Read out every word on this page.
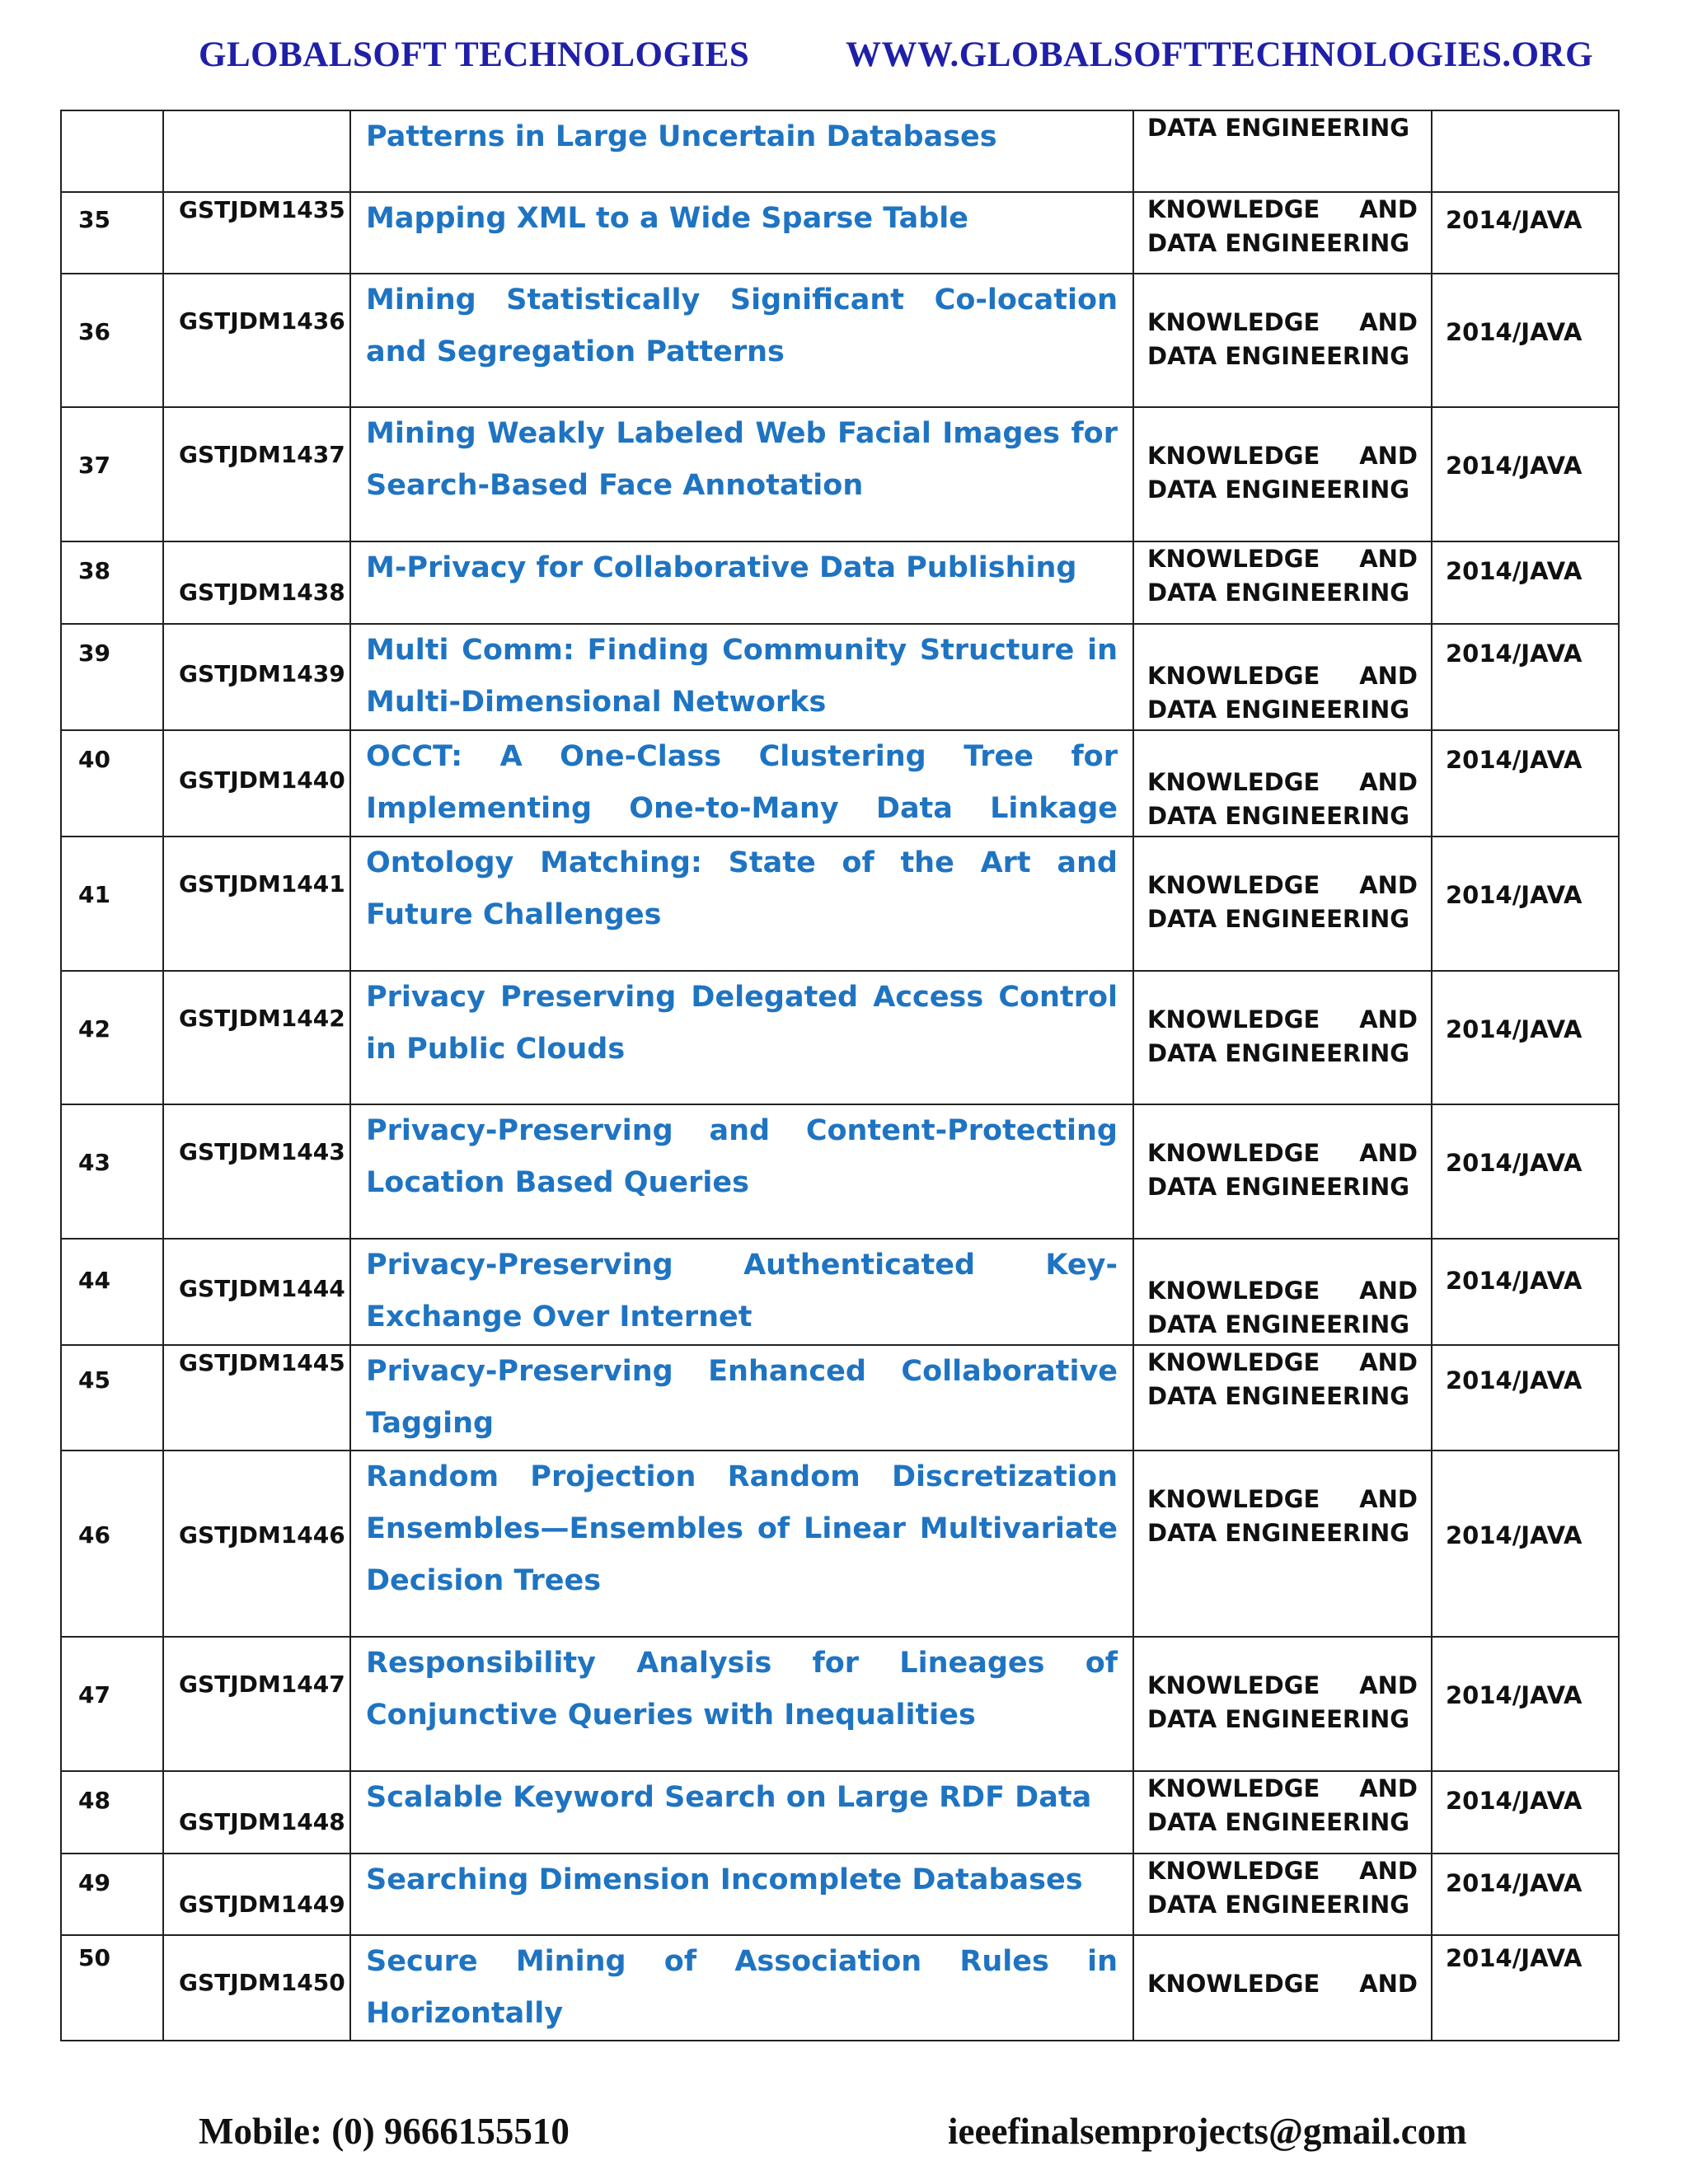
GLOBALSOFT TECHNOLOGIES	WWW.GLOBALSOFTTECHNOLOGIES.ORG

		Patterns in Large Uncertain Databases	DATA ENGINEERING	

35	GSTJDM1435	Mapping XML to a Wide Sparse Table	KNOWLEDGE AND
DATA ENGINEERING	2014/JAVA

36	GSTJDM1436	Mining Statistically Significant Co-location and Segregation Patterns	KNOWLEDGE AND
DATA ENGINEERING	2014/JAVA

37	GSTJDM1437	Mining Weakly Labeled Web Facial Images for Search-Based Face Annotation	KNOWLEDGE AND
DATA ENGINEERING	2014/JAVA

38	GSTJDM1438	M-Privacy for Collaborative Data Publishing	KNOWLEDGE AND
DATA ENGINEERING	2014/JAVA

39	GSTJDM1439	Multi Comm: Finding Community Structure in Multi-Dimensional Networks	KNOWLEDGE AND
DATA ENGINEERING	2014/JAVA

40	GSTJDM1440	OCCT: A One-Class Clustering Tree for Implementing One-to-Many Data Linkage	KNOWLEDGE AND
DATA ENGINEERING	2014/JAVA

41	GSTJDM1441	Ontology Matching: State of the Art and Future Challenges	KNOWLEDGE AND
DATA ENGINEERING	2014/JAVA

42	GSTJDM1442	Privacy Preserving Delegated Access Control in Public Clouds	KNOWLEDGE AND
DATA ENGINEERING	2014/JAVA

43	GSTJDM1443	Privacy-Preserving and Content-Protecting Location Based Queries	KNOWLEDGE AND
DATA ENGINEERING	2014/JAVA

44	GSTJDM1444	Privacy-Preserving Authenticated Key-Exchange Over Internet	KNOWLEDGE AND
DATA ENGINEERING	2014/JAVA

45	GSTJDM1445	Privacy-Preserving Enhanced Collaborative Tagging	KNOWLEDGE AND
DATA ENGINEERING	2014/JAVA

46	GSTJDM1446	Random Projection Random Discretization Ensembles—Ensembles of Linear Multivariate Decision Trees	KNOWLEDGE AND
DATA ENGINEERING	2014/JAVA

47	GSTJDM1447	Responsibility Analysis for Lineages of Conjunctive Queries with Inequalities	KNOWLEDGE AND
DATA ENGINEERING	2014/JAVA

48	GSTJDM1448	Scalable Keyword Search on Large RDF Data	KNOWLEDGE AND
DATA ENGINEERING	2014/JAVA

49	GSTJDM1449	Searching Dimension Incomplete Databases	KNOWLEDGE AND
DATA ENGINEERING	2014/JAVA

50	GSTJDM1450	Secure Mining of Association Rules in Horizontally	KNOWLEDGE AND	2014/JAVA
Mobile: (0) 9666155510	ieeefinalsemprojects@gmail.com
